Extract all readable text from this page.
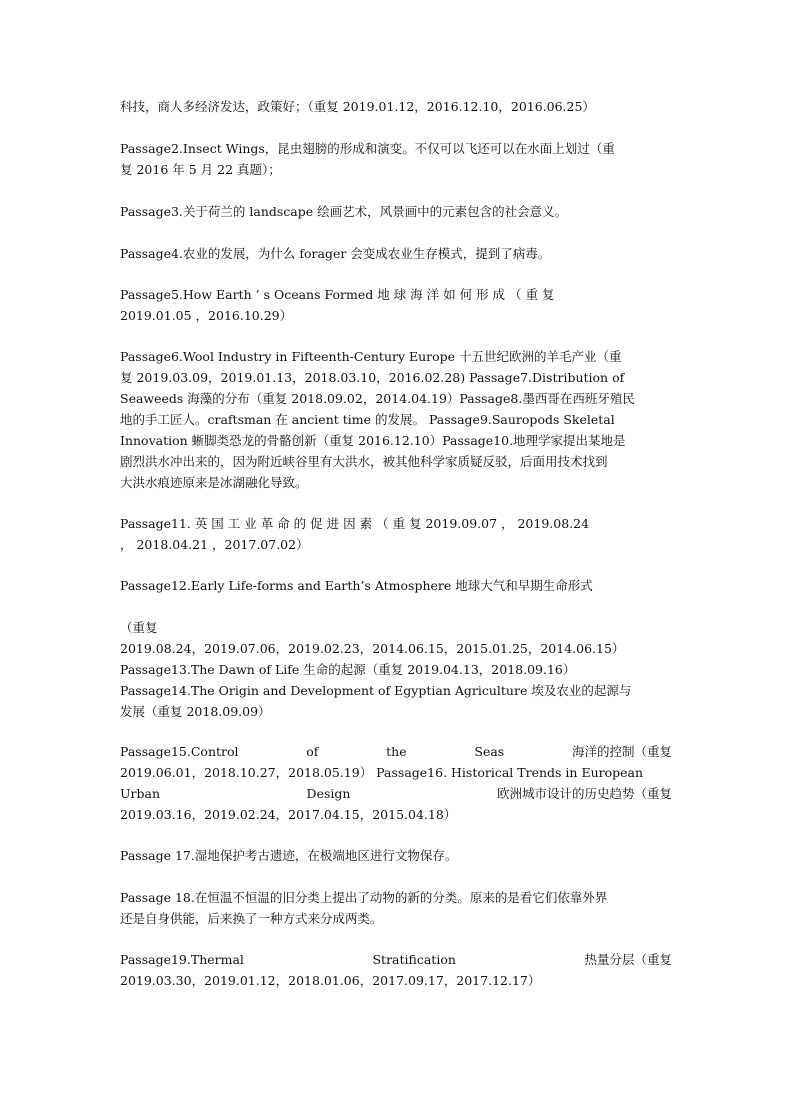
科技，商人多经济发达，政策好；（重复 2019.01.12，2016.12.10，2016.06.25）
Passage2.Insect Wings，昆虫翅膀的形成和演变。不仅可以飞还可以在水面上划过（重
复 2016 年 5 月 22 真题）；
Passage3.关于荷兰的 landscape 绘画艺术，风景画中的元素包含的社会意义。
Passage4.农业的发展，为什么 forager 会变成农业生存模式，提到了病毒。
Passage5.How Earth ’ s Oceans Formed 地 球 海 洋 如 何 形 成 （ 重 复
2019.01.05 ，2016.10.29）
Passage6.Wool Industry in Fifteenth-Century Europe 十五世纪欧洲的羊毛产业（重
复 2019.03.09，2019.01.13，2018.03.10，2016.02.28) Passage7.Distribution of
Seaweeds 海藻的分布（重复 2018.09.02，2014.04.19）Passage8.墨西哥在西班牙殖民
地的手工匠人。craftsman 在 ancient time 的发展。 Passage9.Sauropods Skeletal
Innovation 蜥脚类恐龙的骨骼创新（重复 2016.12.10）Passage10.地理学家提出某地是
剧烈洪水冲出来的，因为附近峡谷里有大洪水，被其他科学家质疑反驳，后面用技术找到
大洪水痕迹原来是冰湖融化导致。
Passage11. 英 国 工 业 革 命 的 促 进 因 素 （ 重 复 2019.09.07 ， 2019.08.24
， 2018.04.21 ，2017.07.02）
Passage12.Early Life-forms and Earth’s Atmosphere 地球大气和早期生命形式
（重复
2019.08.24，2019.07.06，2019.02.23，2014.06.15，2015.01.25，2014.06.15）
Passage13.The Dawn of Life 生命的起源（重复 2019.04.13，2018.09.16）
Passage14.The Origin and Development of Egyptian Agriculture 埃及农业的起源与
发展（重复 2018.09.09）
Passage15.Control	of	the	Seas	海洋的控制（重复
2019.06.01，2018.10.27，2018.05.19） Passage16. Historical Trends in European
Urban	Design	欧洲城市设计的历史趋势（重复
2019.03.16，2019.02.24，2017.04.15，2015.04.18）
Passage 17.湿地保护考古遗迹，在极端地区进行文物保存。
Passage 18.在恒温不恒温的旧分类上提出了动物的新的分类。原来的是看它们依靠外界
还是自身供能，后来换了一种方式来分成两类。
Passage19.Thermal	Stratification	热量分层（重复
2019.03.30，2019.01.12，2018.01.06，2017.09.17，2017.12.17）
